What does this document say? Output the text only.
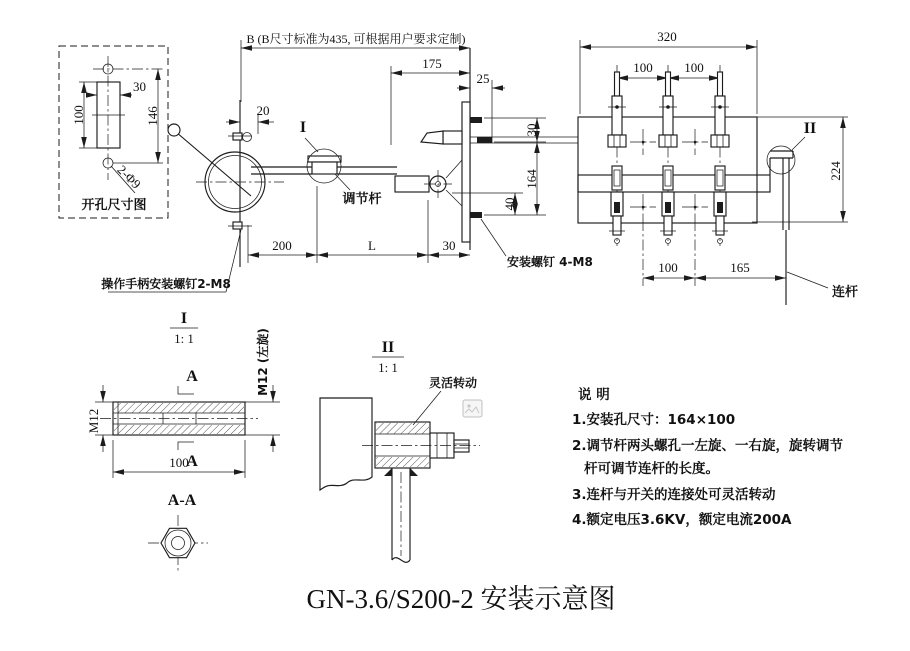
30
100	146
2-Φ9
开孔尺寸图
B (B尺寸标准为435, 可根据用户要求定制)
175
25
20
I
调节杆
200	L	30
30
164
40
安装螺钉 4-M8
操作手柄安装螺钉2-M8
320
100 100
II
224
100	165
连杆
I
1: 1
A
A
M12
M12 (左旋)
100
A-A
II
1: 1
灵活转动
说 明
1.安装孔尺寸：164×100
2.调节杆两头螺孔一左旋、一右旋，旋转调节
杆可调节连杆的长度。
3.连杆与开关的连接处可灵活转动
4.额定电压3.6KV，额定电流200A
GN-3.6/S200-2 安装示意图
